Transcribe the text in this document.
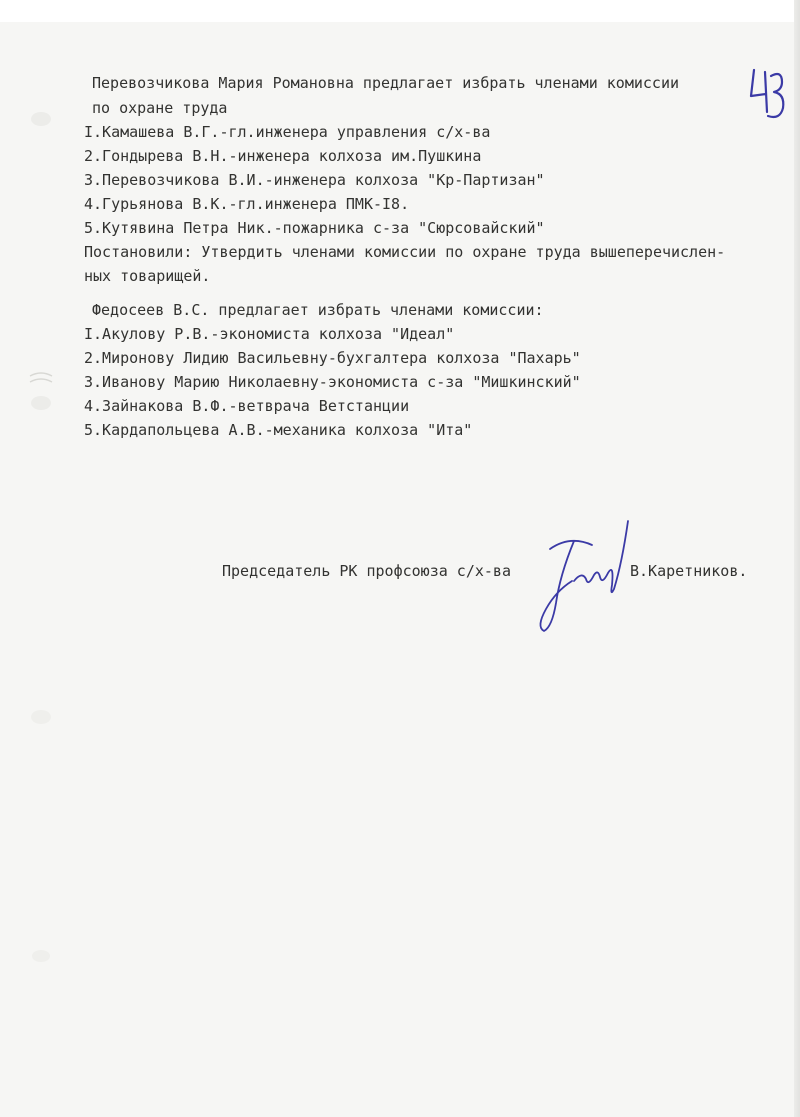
Перевозчикова Мария Романовна предлагает избрать членами комиссии
по охране труда
I.Камашева В.Г.-гл.инженера управления с/х-ва
2.Гондырева В.Н.-инженера колхоза им.Пушкина
3.Перевозчикова В.И.-инженера колхоза "Кр-Партизан"
4.Гурьянова В.К.-гл.инженера ПМК-I8.
5.Кутявина Петра Ник.-пожарника с-за "Сюрсовайский"
Постановили: Утвердить членами комиссии по охране труда вышеперечислен-
ных товарищей.
Федосеев В.С. предлагает избрать членами комиссии:
I.Акулову Р.В.-экономиста колхоза "Идеал"
2.Миронову Лидию Васильевну-бухгалтера колхоза "Пахарь"
3.Иванову Марию Николаевну-экономиста с-за "Мишкинский"
4.Зайнакова В.Ф.-ветврача Ветстанции
5.Кардапольцева А.В.-механика колхоза "Ита"
Председатель РК профсоюза с/х-ва	В.Каретников.
